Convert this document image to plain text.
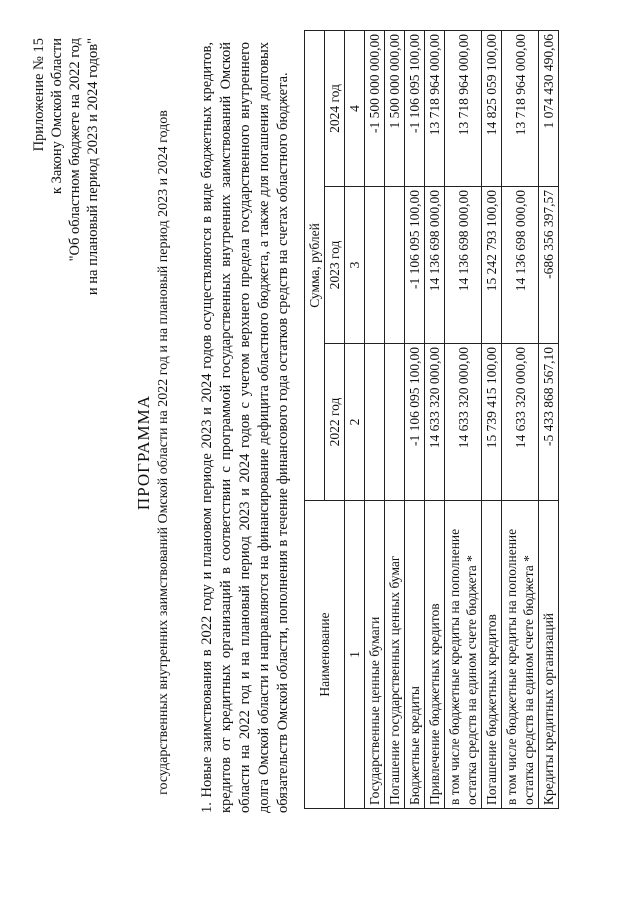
Приложение № 15 к Закону Омской области "Об областном бюджете на 2022 год и на плановый период 2023 и 2024 годов"
ПРОГРАММА государственных внутренних заимствований Омской области на 2022 год и на плановый период 2023 и 2024 годов 1. Новые заимствования в 2022 году и плановом периоде 2023 и 2024 годов осуществляются в виде бюджетных кредитов, кредитов от кредитных организаций в соответствии с программой государственных внутренних заимствований Омской области на 2022 год и на плановый период 2023 и 2024 годов с учетом верхнего предела государственного внутреннего долга Омской области и направляются на финансирование дефицита областного бюджета, а также для погашения долговых обязательств Омской области, пополнения в течение финансового года остатков средств на счетах областного бюджета. Наименование	Сумма, рублей		
	2022 год	2023 год	2024 год
1	2	3	4
Государственные ценные бумаги			-1 500 000 000,00
Погашение государственных ценных бумаг			1 500 000 000,00
Бюджетные кредиты	-1 106 095 100,00	-1 106 095 100,00	-1 106 095 100,00
Привлечение бюджетных кредитов	14 633 320 000,00	14 136 698 000,00	13 718 964 000,00
в том числе бюджетные кредиты на пополнение остатка средств на едином счете бюджета *	14 633 320 000,00	14 136 698 000,00	13 718 964 000,00
Погашение бюджетных кредитов	15 739 415 100,00	15 242 793 100,00	14 825 059 100,00
в том числе бюджетные кредиты на пополнение остатка средств на едином счете бюджета *	14 633 320 000,00	14 136 698 000,00	13 718 964 000,00
Кредиты кредитных организаций	-5 433 868 567,10	-686 356 397,57	1 074 430 490,06
